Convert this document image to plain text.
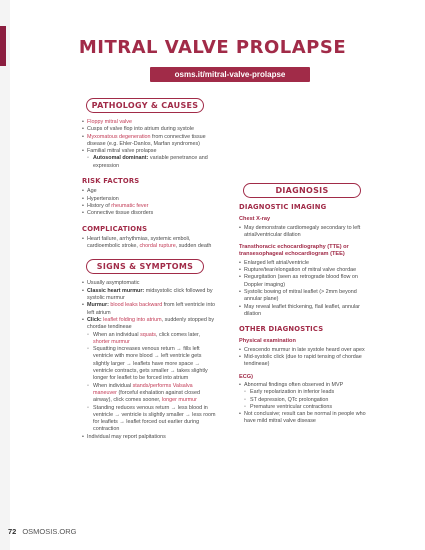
MITRAL VALVE PROLAPSE
osms.it/mitral-valve-prolapse
PATHOLOGY & CAUSES
• Floppy mitral valve
• Cusps of valve flop into atrium during systole
• Myxomatous degeneration from connective tissue disease (e.g. Ehler-Danlos, Marfan syndromes)
• Familial mitral valve prolapse
◦ Autosomal dominant: variable penetrance and expression
RISK FACTORS
• Age
• Hypertension
• History of rheumatic fever
• Connective tissue disorders
COMPLICATIONS
• Heart failure, arrhythmias, systemic emboli, cardioembolic stroke, chordal rupture, sudden death
SIGNS & SYMPTOMS
• Usually asymptomatic
• Classic heart murmur: midsystolic click followed by systolic murmur
• Murmur: blood leaks backward from left ventricle into left atrium
• Click: leaflet folding into atrium, suddenly stopped by chordae tendineae
◦ When an individual squats, click comes later, shorter murmur
◦ Squatting increases venous return → fills left ventricle with more blood → left ventricle gets slightly larger → leaflets have more space → ventricle contracts, gets smaller → takes slightly longer for leaflet to be forced into atrium
◦ When individual stands/performs Valsalva maneuver (forceful exhalation against closed airway), click comes sooner, longer murmur
◦ Standing reduces venous return → less blood in ventricle → ventricle is slightly smaller → less room for leaflets → leaflet forced out earlier during contraction
• Individual may report palpitations
DIAGNOSIS
DIAGNOSTIC IMAGING
Chest X-ray
• May demonstrate cardiomegaly secondary to left atrial/ventricular dilation
Transthoracic echocardiography (TTE) or transesophageal echocardiogram (TEE)
• Enlarged left atrial/ventricle
• Rupture/tear/elongation of mitral valve chordae
• Regurgitation (seen as retrograde blood flow on Doppler imaging)
• Systolic bowing of mitral leaflet (> 2mm beyond annular plane)
• May reveal leaflet thickening, flail leaflet, annular dilation
OTHER DIAGNOSTICS
Physical examination
• Crescendo murmur in late systole heard over apex
• Mid-systolic click (due to rapid tensing of chordae tendineae)
ECG)
• Abnormal findings often observed in MVP
◦ Early repolarization in inferior leads
◦ ST depression, QTc prolongation
◦ Premature ventricular contractions
• Not conclusive; result can be normal in people who have mild mitral valve disease
72 OSMOSIS.ORG
